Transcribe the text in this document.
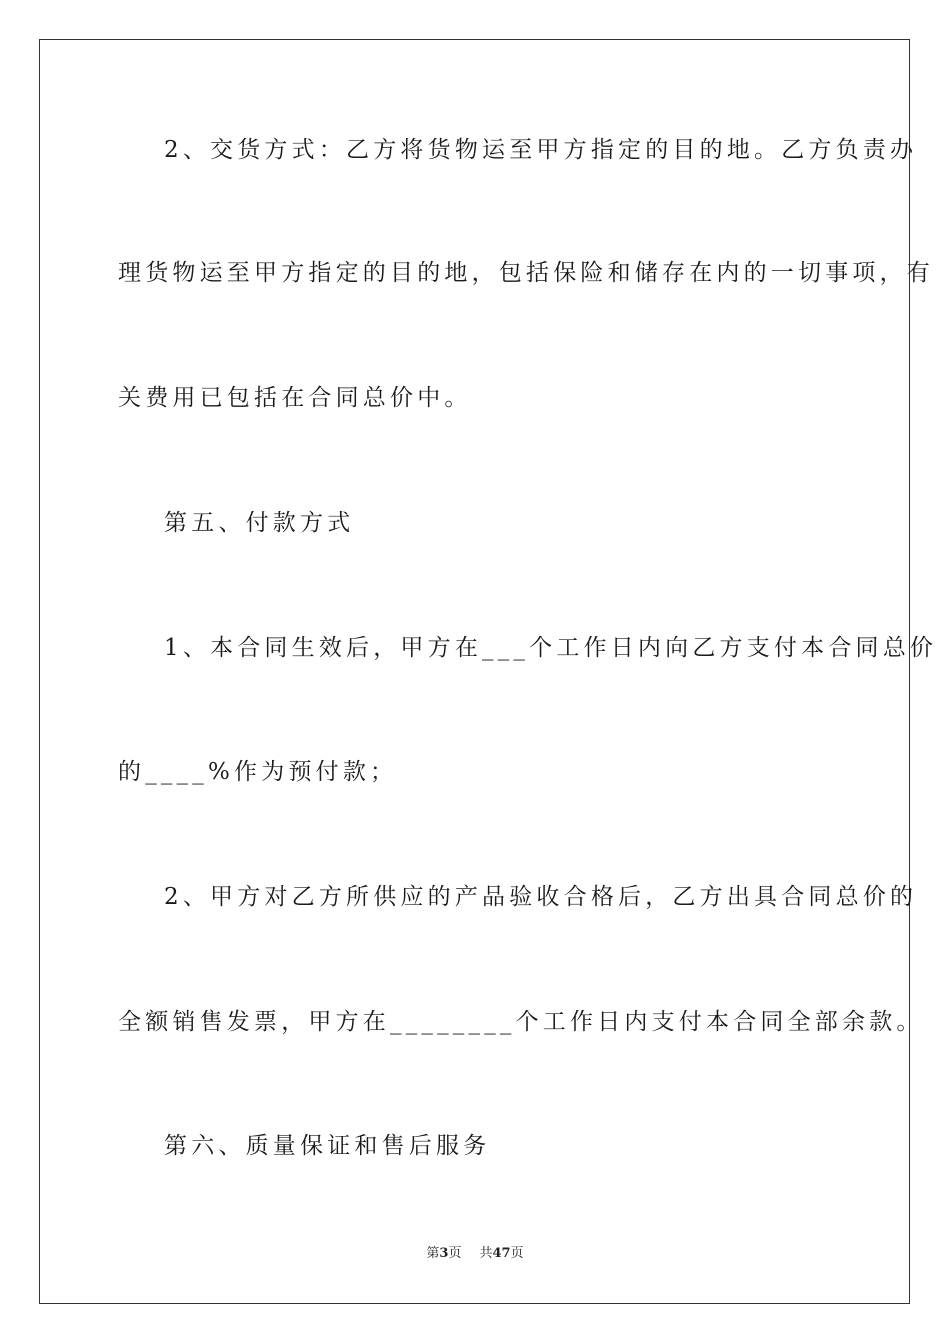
2、交货方式：乙方将货物运至甲方指定的目的地。乙方负责办
理货物运至甲方指定的目的地，包括保险和储存在内的一切事项，有
关费用已包括在合同总价中。
第五、付款方式
1、本合同生效后，甲方在___个工作日内向乙方支付本合同总价
的____%作为预付款；
2、甲方对乙方所供应的产品验收合格后，乙方出具合同总价的
全额销售发票，甲方在________个工作日内支付本合同全部余款。
第六、质量保证和售后服务
第3页 共47页
